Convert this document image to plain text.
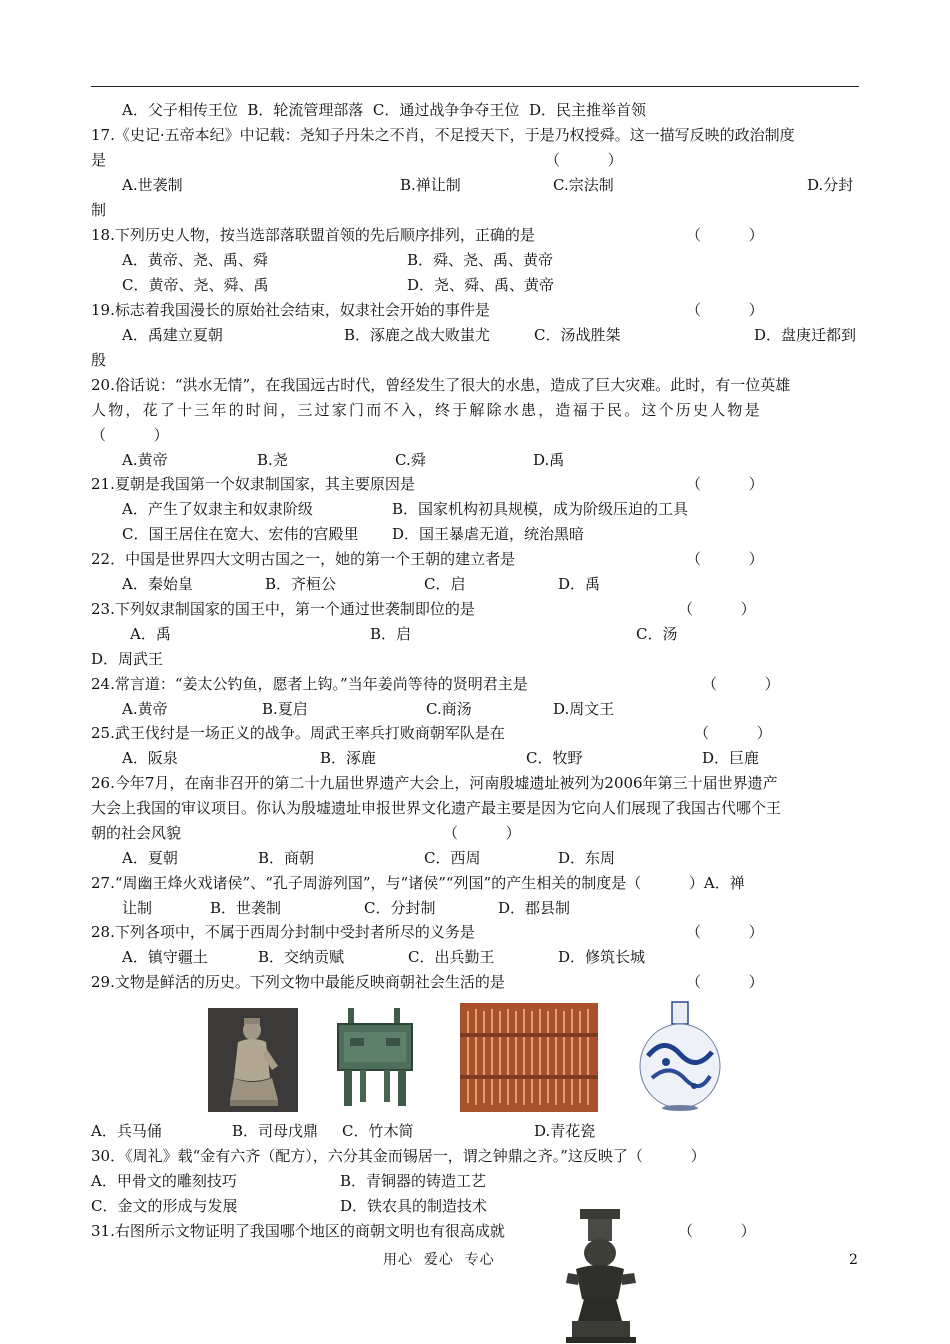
A．父子相传王位  B．轮流管理部落  C．通过战争争夺王位  D．民主推举首领
17.《史记·五帝本纪》中记载：尧知子丹朱之不肖，不足授天下，于是乃权授舜。这一描写反映的政治制度
是	（          ）
A.世袭制	B.禅让制	C.宗法制	D.分封
制
18.下列历史人物，按当选部落联盟首领的先后顺序排列，正确的是	（          ）
A．黄帝、尧、禹、舜	B．舜、尧、禹、黄帝
C．黄帝、尧、舜、禹	D．尧、舜、禹、黄帝
19.标志着我国漫长的原始社会结束，奴隶社会开始的事件是	（          ）
A．禹建立夏朝	B．涿鹿之战大败蚩尤	C．汤战胜桀	D．盘庚迁都到
殷
20.俗话说：“洪水无情”，在我国远古时代，曾经发生了很大的水患，造成了巨大灾难。此时，有一位英雄
人物，花了十三年的时间，三过家门而不入，终于解除水患，造福于民。这个历史人物是
（          ）
A.黄帝	B.尧	C.舜	D.禹
21.夏朝是我国第一个奴隶制国家，其主要原因是	（          ）
A．产生了奴隶主和奴隶阶级	B．国家机构初具规模，成为阶级压迫的工具
C．国王居住在宽大、宏伟的宫殿里 D．国王暴虐无道，统治黑暗
22．中国是世界四大文明古国之一，她的第一个王朝的建立者是	（          ）
A．秦始皇	B．齐桓公	C．启	D．禹
23.下列奴隶制国家的国王中，第一个通过世袭制即位的是	（          ）
A．禹	B．启	C．汤
D．周武王
24.常言道：“姜太公钓鱼，愿者上钩。”当年姜尚等待的贤明君主是	（          ）
A.黄帝	B.夏启	C.商汤	D.周文王
25.武王伐纣是一场正义的战争。周武王率兵打败商朝军队是在	（          ）
A．阪泉	B．涿鹿	C．牧野	D．巨鹿
26.今年7月，在南非召开的第二十九届世界遗产大会上，河南殷墟遗址被列为2006年第三十届世界遗产
大会上我国的审议项目。你认为殷墟遗址申报世界文化遗产最主要是因为它向人们展现了我国古代哪个王
朝的社会风貌	（          ）
A．夏朝	B．商朝	C．西周	D．东周
27.“周幽王烽火戏诸侯”、“孔子周游列国”，与“诸侯”“列国”的产生相关的制度是（          ）A．禅
让制	B．世袭制	C．分封制	D．郡县制
28.下列各项中，不属于西周分封制中受封者所尽的义务是	（          ）
A．镇守疆土	B．交纳贡赋	C．出兵勤王	D．修筑长城
29.文物是鲜活的历史。下列文物中最能反映商朝社会生活的是	（          ）
A．兵马俑	B．司母戊鼎 C．竹木简	D.青花瓷
30．《周礼》载“金有六齐（配方），六分其金而锡居一，谓之钟鼎之齐。”这反映了（          ）
A．甲骨文的雕刻技巧	B．青铜器的铸造工艺
C．金文的形成与发展	D．铁农具的制造技术
31.右图所示文物证明了我国哪个地区的商朝文明也有很高成就	（          ）
用心  爱心  专心	2
